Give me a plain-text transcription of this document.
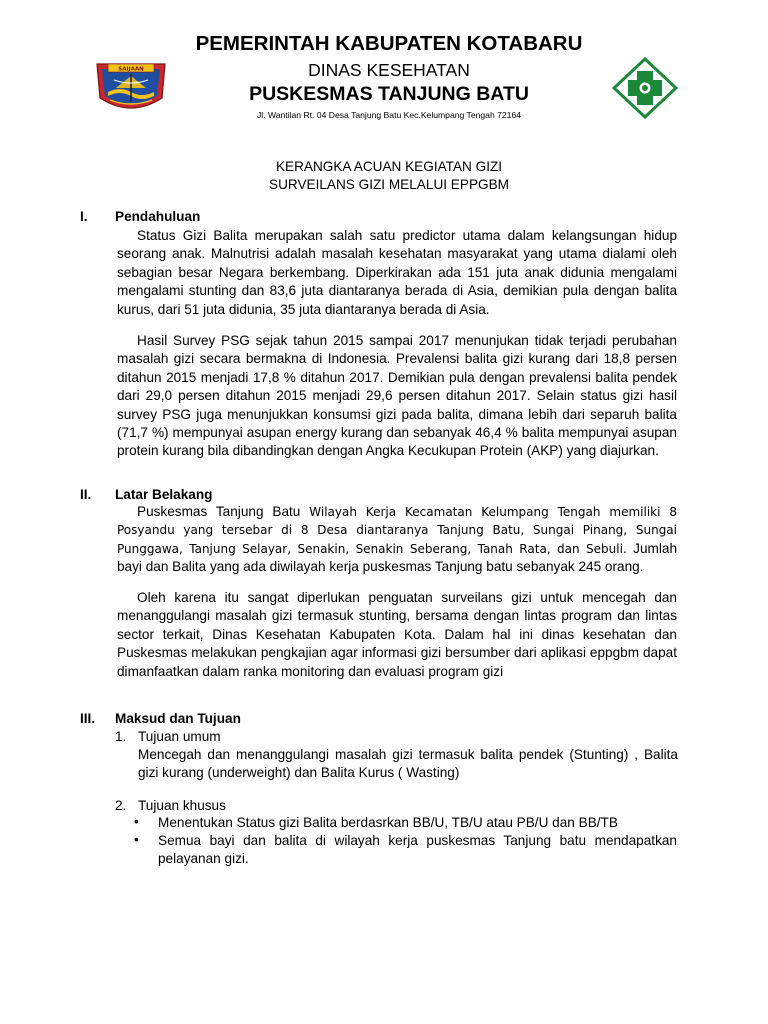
SAIJAAN
PEMERINTAH KABUPATEN KOTABARU
DINAS KESEHATAN
PUSKESMAS TANJUNG BATU
Jl. Wantilan Rt. 04 Desa Tanjung Batu Kec.Kelumpang Tengah 72164
KERANGKA ACUAN KEGIATAN GIZI
SURVEILANS GIZI MELALUI EPPGBM
I. Pendahuluan

Status Gizi Balita merupakan salah satu predictor utama dalam kelangsungan hidup seorang anak. Malnutrisi adalah masalah kesehatan masyarakat yang utama dialami oleh sebagian besar Negara berkembang. Diperkirakan ada 151 juta anak didunia mengalami mengalami stunting dan 83,6 juta diantaranya berada di Asia, demikian pula dengan balita kurus, dari 51 juta didunia, 35 juta diantaranya berada di Asia.

Hasil Survey PSG sejak tahun 2015 sampai 2017 menunjukan tidak terjadi perubahan masalah gizi secara bermakna di Indonesia. Prevalensi balita gizi kurang dari 18,8 persen ditahun 2015 menjadi 17,8 % ditahun 2017. Demikian pula dengan prevalensi balita pendek dari 29,0 persen ditahun 2015 menjadi 29,6 persen ditahun 2017. Selain status gizi hasil survey PSG juga menunjukkan konsumsi gizi pada balita, dimana lebih dari separuh balita (71,7 %) mempunyai asupan energy kurang dan sebanyak 46,4 % balita mempunyai asupan protein kurang bila dibandingkan dengan Angka Kecukupan Protein (AKP) yang diajurkan.

II. Latar Belakang

Puskesmas Tanjung Batu Wilayah Kerja Kecamatan Kelumpang Tengah memiliki 8 Posyandu yang tersebar di 8 Desa diantaranya Tanjung Batu, Sungai Pinang, Sungai Punggawa, Tanjung Selayar, Senakin, Senakin Seberang, Tanah Rata, dan Sebuli. Jumlah bayi dan Balita yang ada diwilayah kerja puskesmas Tanjung batu sebanyak 245 orang.

Oleh karena itu sangat diperlukan penguatan surveilans gizi untuk mencegah dan menanggulangi masalah gizi termasuk stunting, bersama dengan lintas program dan lintas sector terkait, Dinas Kesehatan Kabupaten Kota. Dalam hal ini dinas kesehatan dan Puskesmas melakukan pengkajian agar informasi gizi bersumber dari aplikasi eppgbm dapat dimanfaatkan dalam ranka monitoring dan evaluasi program gizi

III. Maksud dan Tujuan
1. Tujuan umum

Mencegah dan menanggulangi masalah gizi termasuk balita pendek (Stunting) , Balita gizi kurang (underweight) dan Balita Kurus ( Wasting)

2. Tujuan khusus
• Menentukan Status gizi Balita berdasrkan BB/U, TB/U atau PB/U dan BB/TB

• Semua bayi dan balita di wilayah kerja puskesmas Tanjung batu mendapatkan pelayanan gizi.
